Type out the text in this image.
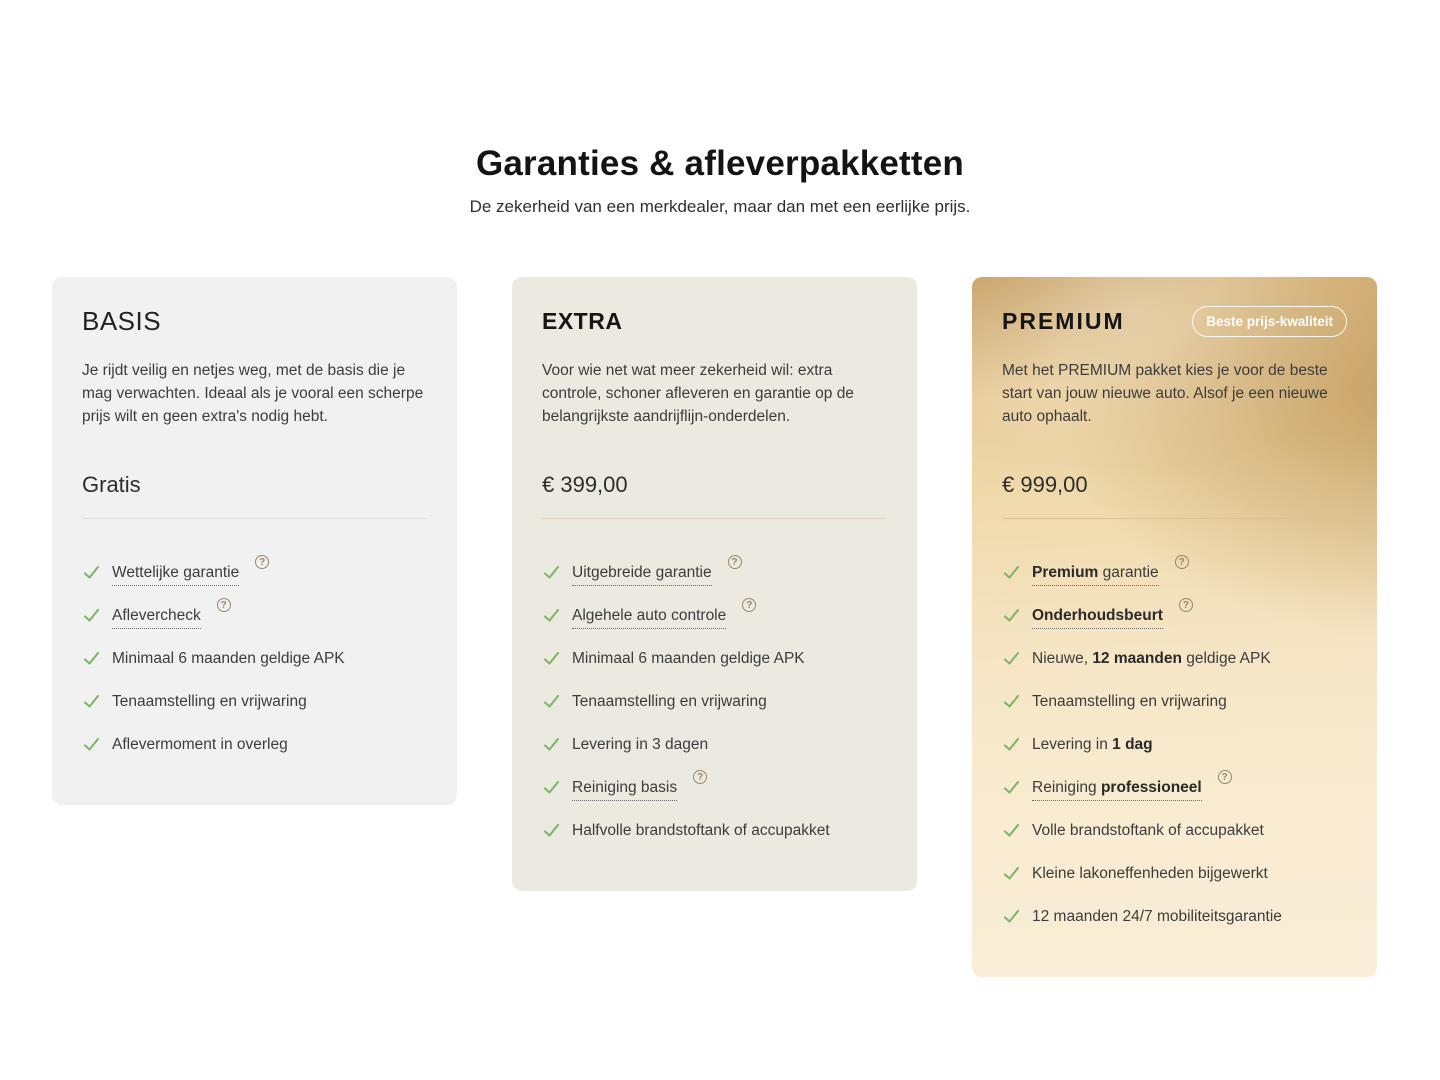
Garanties & afleverpakketten

De zekerheid van een merkdealer, maar dan met een eerlijke prijs.

BASIS

Je rijdt veilig en netjes weg, met de basis die je mag verwachten. Ideaal als je vooral een scherpe prijs wilt en geen extra's nodig hebt.

Gratis
Wettelijke garantie
?
Aflevercheck
?
Minimaal 6 maanden geldige APK
Tenaamstelling en vrijwaring
Aflevermoment in overleg
EXTRA

Voor wie net wat meer zekerheid wil: extra controle, schoner afleveren en garantie op de belangrijkste aandrijflijn-onderdelen.

€ 399,00
Uitgebreide garantie
?
Algehele auto controle
?
Minimaal 6 maanden geldige APK
Tenaamstelling en vrijwaring
Levering in 3 dagen
Reiniging basis
?
Halfvolle brandstoftank of accupakket
PREMIUM	Beste prijs-kwaliteit

Met het PREMIUM pakket kies je voor de beste start van jouw nieuwe auto. Alsof je een nieuwe auto ophaalt.

€ 999,00
Premium garantie
?
Onderhoudsbeurt
?
Nieuwe, 12 maanden geldige APK
Tenaamstelling en vrijwaring
Levering in 1 dag
Reiniging professioneel
?
Volle brandstoftank of accupakket
Kleine lakoneffenheden bijgewerkt
12 maanden 24/7 mobiliteitsgarantie
